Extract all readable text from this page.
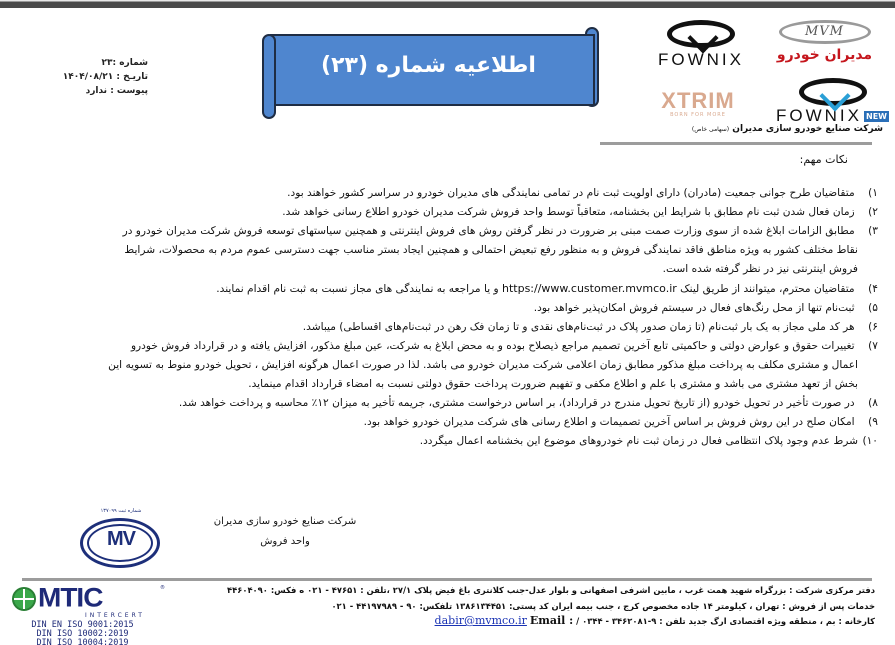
شماره :۲۳
تاریـخ : ۱۴۰۴/۰۸/۲۱
پیوست : ندارد
اطلاعیه شماره (۲۳)	FOWNIX
MVM
مدیران خودرو
XTRIM
BORN FOR MORE	FOWNIX NEW
شرکت صنایع خودرو سازی مدیران (سهامی خاص)
نکات مهم:
۱) متقاضیان طرح جوانی جمعیت (مادران) دارای اولویت ثبت نام در تمامی نمایندگی های مدیران خودرو در سراسر کشور خواهند بود.
۲) زمان فعال شدن ثبت نام مطابق با شرایط این بخشنامه، متعاقباً توسط واحد فروش شرکت مدیران خودرو اطلاع رسانی خواهد شد.
۳) مطابق الزامات ابلاغ شده از سوی وزارت صمت مبنی بر ضرورت در نظر گرفتن روش های فروش اینترنتی و همچنین سیاستهای توسعه فروش شرکت مدیران خودرو در
نقاط مختلف کشور به ویژه مناطق فاقد نمایندگی فروش و به منظور رفع تبعیض احتمالی و همچنین ایجاد بستر مناسب جهت دسترسی عموم مردم به محصولات، شرایط
فروش اینترنتی نیز در نظر گرفته شده است.
۴) متقاضیان محترم، میتوانند از طریق لینک https://www.customer.mvmco.ir و یا مراجعه به نمایندگی های مجاز نسبت به ثبت نام اقدام نمایند.
۵) ثبت‌نام تنها از محل رنگ‌های فعال در سیستم فروش امکان‌پذیر خواهد بود.
۶) هر کد ملی مجاز به یک بار ثبت‌نام (تا زمان صدور پلاک در ثبت‌نام‌های نقدی و تا زمان فک رهن در ثبت‌نام‌های اقساطی) میباشد.
۷) تغییرات حقوق و عوارض دولتی و حاکمیتی تابع آخرین تصمیم مراجع ذیصلاح بوده و به محض ابلاغ به شرکت، عین مبلغ مذکور، افزایش یافته و در قرارداد فروش خودرو
اعمال و مشتری مکلف به پرداخت مبلغ مذکور مطابق زمان اعلامی شرکت مدیران خودرو می باشد. لذا در صورت اعمال هرگونه افزایش ، تحویل خودرو منوط به تسویه این
بخش از تعهد مشتری می باشد و مشتری با علم و اطلاع مکفی و تفهیم ضرورت پرداخت حقوق دولتی نسبت به امضاء قرارداد اقدام مینماید.
۸) در صورت تأخیر در تحویل خودرو (از تاریخ تحویل مندرج در قرارداد)، بر اساس درخواست مشتری، جریمه تأخیر به میزان ۱۲٪ محاسبه و پرداخت خواهد شد.
۹) امکان صلح در این روش فروش بر اساس آخرین تصمیمات و اطلاع رسانی های شرکت مدیران خودرو خواهد بود.
۱۰)شرط عدم وجود پلاک انتظامی فعال در زمان ثبت نام خودروهای موضوع این بخشنامه اعمال میگردد.
شماره ثبت ۱۳۷۰۹۹
MV
شرکت صنایع خودرو سازی مدیران
واحد فروش
MTIC	®
INTERCERT
DIN EN ISO 9001:2015
DIN ISO 10002:2019
DIN ISO 10004:2019
دفتر مرکزی شرکت : بزرگراه شهید همت غرب ، مابین اشرفی اصفهانی و بلوار عدل-جنب کلانتری باغ فیض پلاک ۲۷/۱ ،تلفن : ۴۷۶۵۱ - ۰۲۱ ه فکس: ۴۴۶۰۴۰۹۰
خدمات پس از فروش : تهران ، کیلومتر ۱۴ جاده مخصوص کرج ، جنب بیمه ایران کد پستی: ۱۳۸۶۱۳۴۴۵۱ تلفکس: ۹۰ - ۴۴۱۹۷۹۸۹ - ۰۲۱
کارخانه : بم ، منطقه ویژه اقتصادی ارگ جدید تلفن : ۹-۳۴۶۲۰۸۱ - ۰۳۴۴ / dabir@mvmco.ir Email :
